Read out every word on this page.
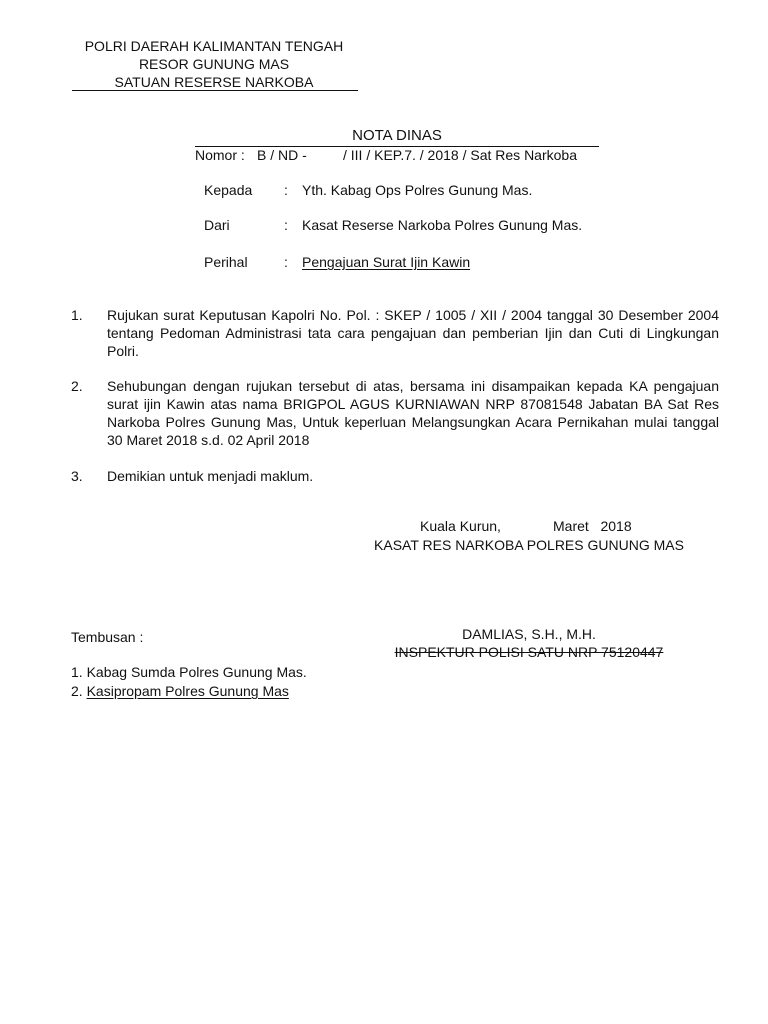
POLRI DAERAH KALIMANTAN TENGAH
RESOR GUNUNG MAS
SATUAN RESERSE NARKOBA
NOTA DINAS
Nomor : B / ND -	/ III / KEP.7. / 2018 / Sat Res Narkoba
Kepada : Yth. Kabag Ops Polres Gunung Mas.
Dari	: Kasat Reserse Narkoba Polres Gunung Mas.
Perihal	: Pengajuan Surat Ijin Kawin
1. Rujukan surat Keputusan Kapolri No. Pol. : SKEP / 1005 / XII / 2004 tanggal 30 Desember 2004 tentang Pedoman Administrasi tata cara pengajuan dan pemberian Ijin dan Cuti di Lingkungan Polri.
2. Sehubungan dengan rujukan tersebut di atas, bersama ini disampaikan kepada KA pengajuan surat ijin Kawin atas nama BRIGPOL AGUS KURNIAWAN NRP 87081548 Jabatan BA Sat Res Narkoba Polres Gunung Mas, Untuk keperluan Melangsungkan Acara Pernikahan mulai tanggal 30 Maret 2018 s.d. 02 April 2018
3. Demikian untuk menjadi maklum.
Kuala Kurun,	Maret   2018
KASAT RES NARKOBA POLRES GUNUNG MAS
DAMLIAS, S.H., M.H.
INSPEKTUR POLISI SATU NRP 75120447
Tembusan :
1. Kabag Sumda Polres Gunung Mas.
2. Kasipropam Polres Gunung Mas
